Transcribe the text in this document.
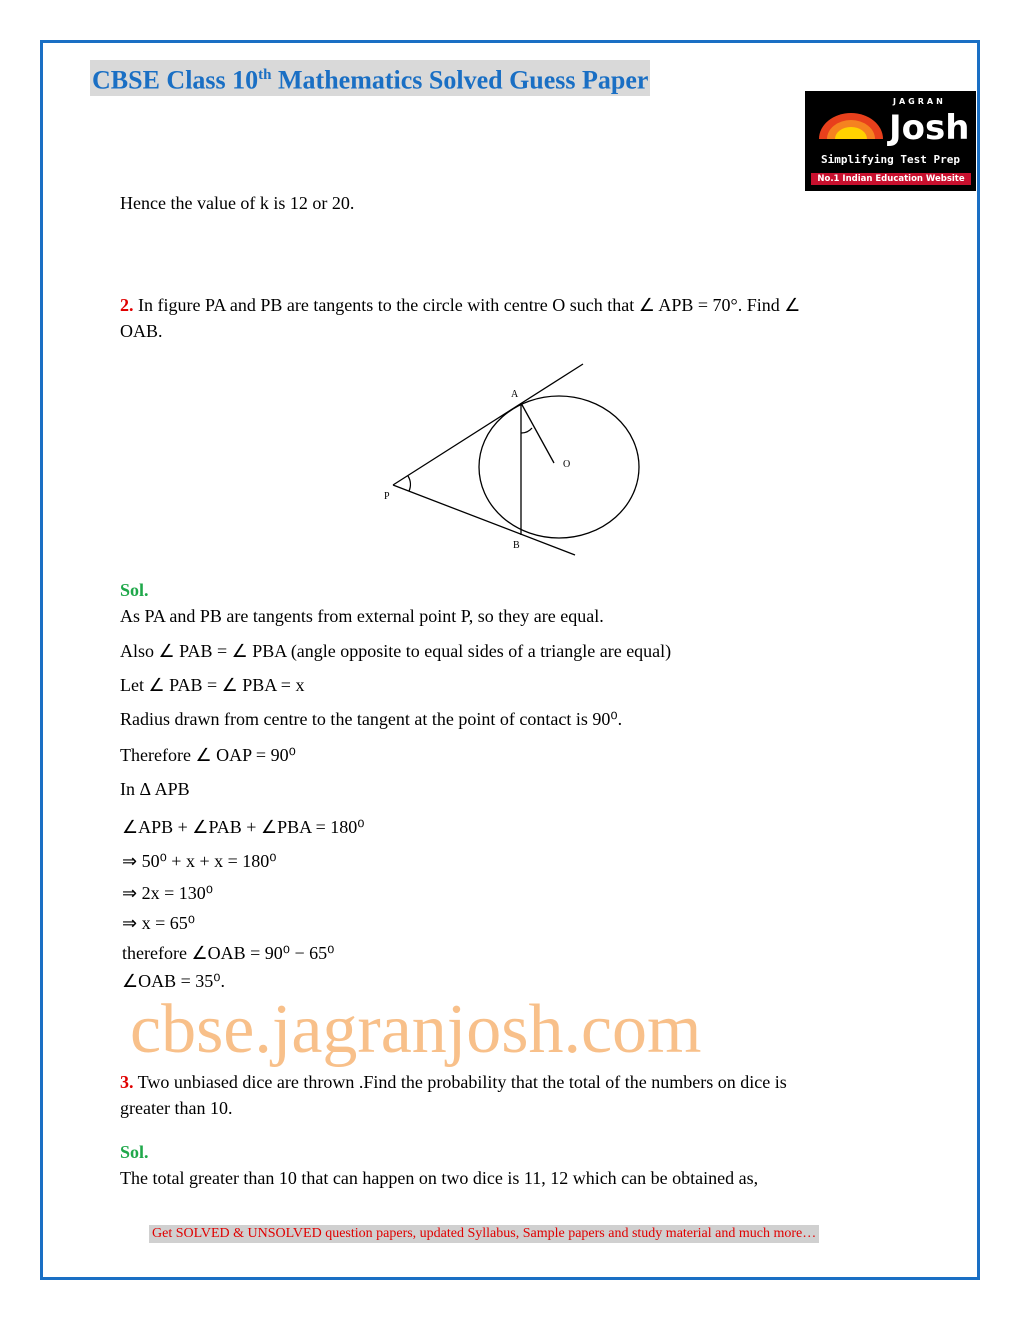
cbse.jagranjosh.com
CBSE Class 10th Mathematics Solved Guess Paper
JAGRAN
Josh
Simplifying Test Prep
No.1 Indian Education Website
Hence the value of k is 12 or 20.
2. In figure PA and PB are tangents to the circle with centre O such that ∠ APB = 70°. Find ∠
OAB.
A
O
P
B
Sol.
As PA and PB are tangents from external point P, so they are equal.
Also ∠ PAB = ∠ PBA (angle opposite to equal sides of a triangle are equal)
Let ∠ PAB = ∠ PBA = x
Radius drawn from centre to the tangent at the point of contact is 90⁰.
Therefore ∠ OAP = 90⁰
In Δ APB
∠APB + ∠PAB + ∠PBA = 180⁰
⇒ 50⁰ + x + x = 180⁰
⇒ 2x = 130⁰
⇒ x = 65⁰
therefore ∠OAB = 90⁰ − 65⁰
∠OAB = 35⁰.
3. Two unbiased dice are thrown .Find the probability that the total of the numbers on dice is
greater than 10.
Sol.
The total greater than 10 that can happen on two dice is 11, 12 which can be obtained as,
Get SOLVED & UNSOLVED question papers, updated Syllabus, Sample papers and study material and much more…
